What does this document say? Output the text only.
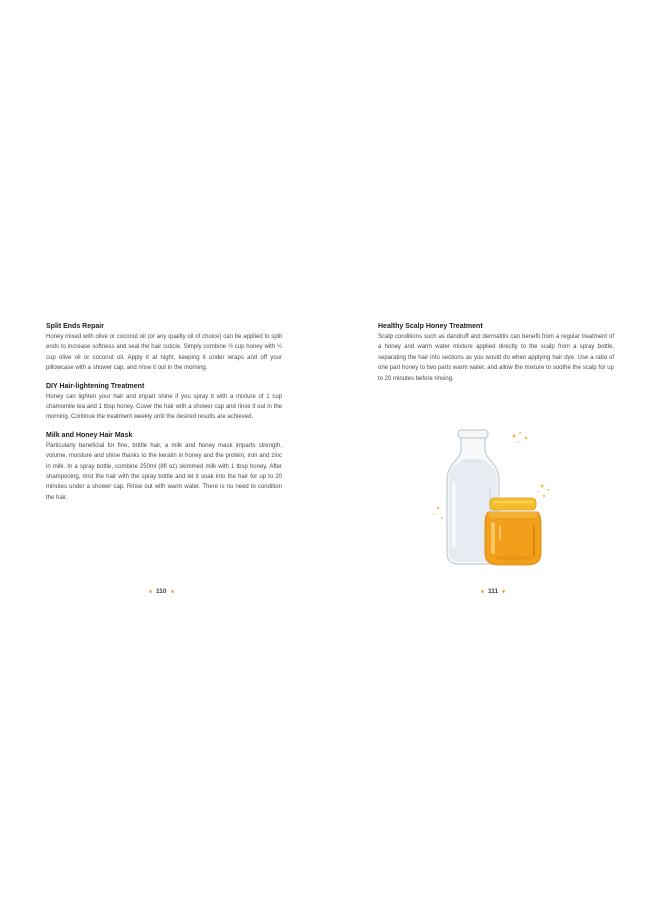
Split Ends Repair

Honey mixed with olive or coconut oil (or any quality oil of choice) can be applied to split ends to increase softness and seal the hair cuticle. Simply combine ½ cup honey with ¼ cup olive oil or coconut oil. Apply it at night, keeping it under wraps and off your pillowcase with a shower cap, and rinse it out in the morning.

DIY Hair-lightening Treatment

Honey can lighten your hair and impart shine if you spray it with a mixture of 1 cup chamomile tea and 1 tbsp honey. Cover the hair with a shower cap and rinse it out in the morning. Continue the treatment weekly until the desired results are achieved.

Milk and Honey Hair Mask

Particularly beneficial for fine, brittle hair, a milk and honey mask imparts strength, volume, moisture and shine thanks to the keratin in honey and the protein, iron and zinc in milk. In a spray bottle, combine 250ml (8fl oz) skimmed milk with 1 tbsp honey. After shampooing, mist the hair with the spray bottle and let it soak into the hair for up to 20 minutes under a shower cap. Rinse out with warm water. There is no need to condition the hair.

110
Healthy Scalp Honey Treatment

Scalp conditions such as dandruff and dermatitis can benefit from a regular treatment of a honey and warm water mixture applied directly to the scalp from a spray bottle, separating the hair into sections as you would do when applying hair dye. Use a ratio of one part honey to two parts warm water, and allow the mixture to soothe the scalp for up to 20 minutes before rinsing.

111
